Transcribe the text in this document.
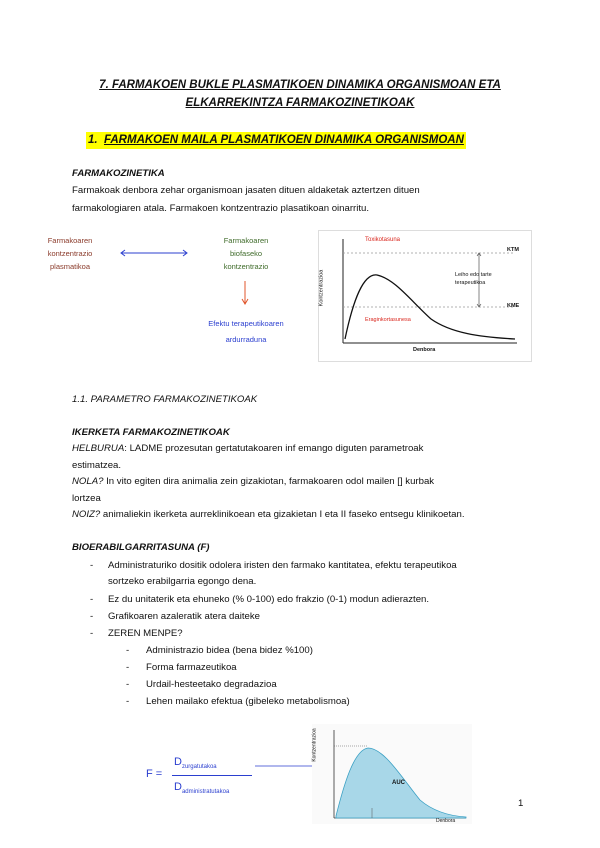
7. FARMAKOEN BUKLE PLASMATIKOEN DINAMIKA ORGANISMOAN ETA
ELKARREKINTZA FARMAKOZINETIKOAK
1. FARMAKOEN MAILA PLASMATIKOEN DINAMIKA ORGANISMOAN
FARMAKOZINETIKA
Farmakoak denbora zehar organismoan jasaten dituen aldaketak aztertzen dituen
farmakologiaren atala. Farmakoen kontzentrazio plasatikoan oinarritu.
Farmakoaren
kontzentrazio
plasmatikoa
Farmakoaren
biofaseko
kontzentrazio
Efektu terapeutikoaren
ardurraduna
Toxikotasuna
KTM
Leiho edo tarte
terapeutikoa
KME
Eraginkortasunesa
Kontzentrazioa
Denbora
1.1. PARAMETRO FARMAKOZINETIKOAK
IKERKETA FARMAKOZINETIKOAK
HELBURUA: LADME prozesutan gertatutakoaren inf emango diguten parametroak
estimatzea.
NOLA? In vito egiten dira animalia zein gizakiotan, farmakoaren odol mailen [] kurbak
lortzea
NOIZ? animaliekin ikerketa aurreklinikoean eta gizakietan I eta II faseko entsegu klinikoetan.
BIOERABILGARRITASUNA (F)
-	Administraturiko dositik odolera iristen den farmako kantitatea, efektu terapeutikoa
sortzeko erabilgarria egongo dena.
-	Ez du unitaterik eta ehuneko (% 0-100) edo frakzio (0-1) modun adierazten.
-	Grafikoaren azaleratik atera daiteke
-	ZEREN MENPE?
-	Administrazio bidea (bena bidez %100)
-	Forma farmazeutikoa
-	Urdail-hesteetako degradazioa
-	Lehen mailako efektua (gibeleko metabolismoa)
F =
$D_{zurgatutakoa}$
$D_{administratutakoa}$
AUC
Kontzentrazioa
Denbora
1
